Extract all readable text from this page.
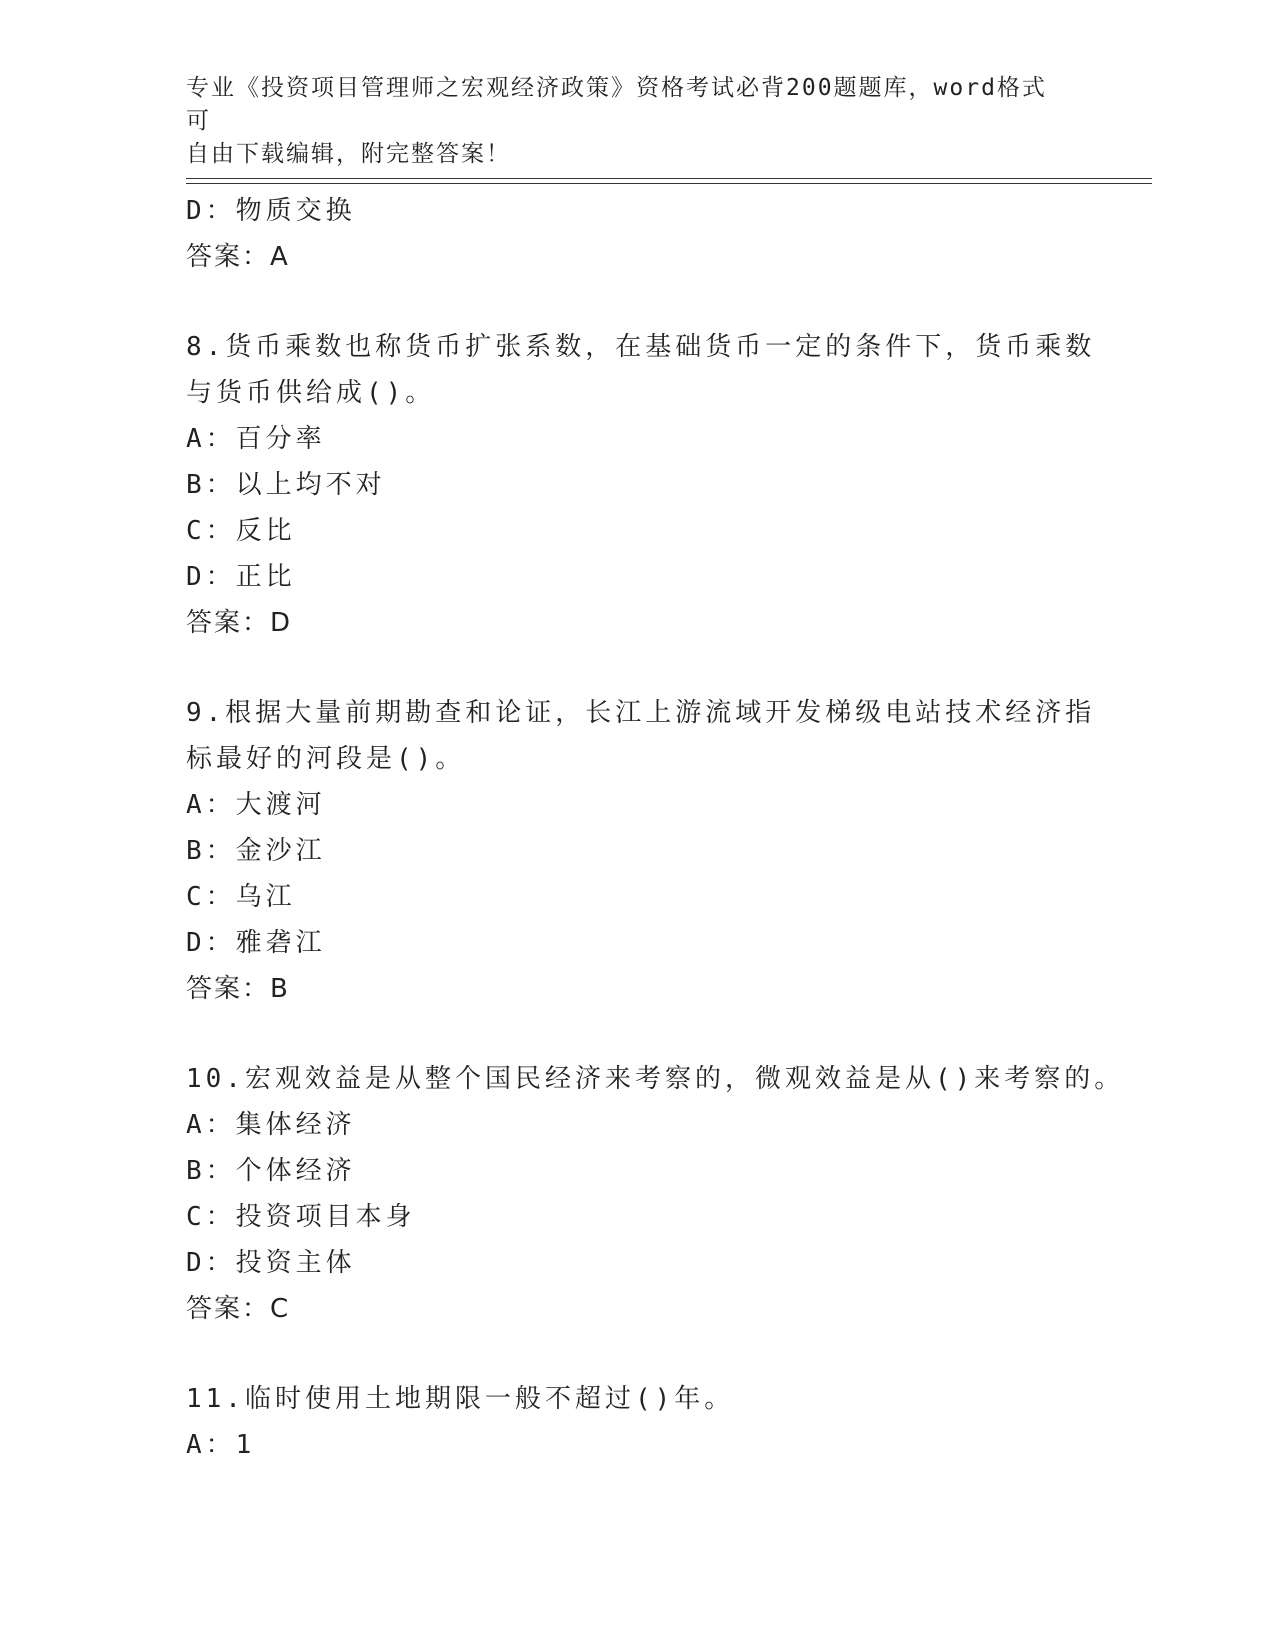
专业《投资项目管理师之宏观经济政策》资格考试必背200题题库，word格式可
自由下载编辑，附完整答案！
D：物质交换
答案：A
8.货币乘数也称货币扩张系数，在基础货币一定的条件下，货币乘数
与货币供给成()。
A：百分率
B：以上均不对
C：反比
D：正比
答案：D
9.根据大量前期勘查和论证，长江上游流域开发梯级电站技术经济指
标最好的河段是()。
A：大渡河
B：金沙江
C：乌江
D：雅砻江
答案：B
10.宏观效益是从整个国民经济来考察的，微观效益是从()来考察的。
A：集体经济
B：个体经济
C：投资项目本身
D：投资主体
答案：C
11.临时使用土地期限一般不超过()年。
A：1
